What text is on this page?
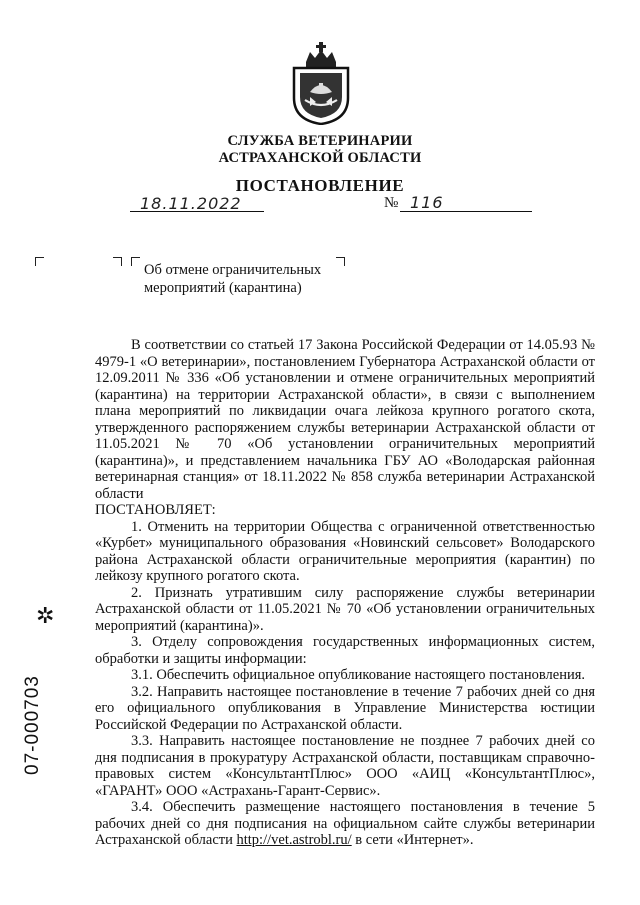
СЛУЖБА ВЕТЕРИНАРИИ
АСТРАХАНСКОЙ ОБЛАСТИ
ПОСТАНОВЛЕНИЕ
18.11.2022	№ 116
Об отмене ограничительных
мероприятий (карантина)

В соответствии со статьей 17 Закона Российской Федерации от 14.05.93 № 4979-1 «О ветеринарии», постановлением Губернатора Астраханской области от 12.09.2011 № 336 «Об установлении и отмене ограничительных мероприятий (карантина) на территории Астраханской области», в связи с выполнением плана мероприятий по ликвидации очага лейкоза крупного рогатого скота, утвержденного распоряжением службы ветеринарии Астраханской области от 11.05.2021 № 70 «Об установлении ограничительных мероприятий (карантина)», и представлением начальника ГБУ АО «Володарская районная ветеринарная станция» от 18.11.2022 № 858 служба ветеринарии Астраханской области

ПОСТАНОВЛЯЕТ:

1. Отменить на территории Общества с ограниченной ответственностью «Курбет» муниципального образования «Новинский сельсовет» Володарского района Астраханской области ограничительные мероприятия (карантин) по лейкозу крупного рогатого скота.

2. Признать утратившим силу распоряжение службы ветеринарии Астраханской области от 11.05.2021 № 70 «Об установлении ограничительных мероприятий (карантина)».

3. Отделу сопровождения государственных информационных систем, обработки и защиты информации:

3.1. Обеспечить официальное опубликование настоящего постановления.

3.2. Направить настоящее постановление в течение 7 рабочих дней со дня его официального опубликования в Управление Министерства юстиции Российской Федерации по Астраханской области.

3.3. Направить настоящее постановление не позднее 7 рабочих дней со дня подписания в прокуратуру Астраханской области, поставщикам справочно-правовых систем «КонсультантПлюс» ООО «АИЦ «КонсультантПлюс», «ГАРАНТ» ООО «Астрахань-Гарант-Сервис».

3.4. Обеспечить размещение настоящего постановления в течение 5 рабочих дней со дня подписания на официальном сайте службы ветеринарии Астраханской области http://vet.astrobl.ru/ в сети «Интернет».

✲
07-000703
